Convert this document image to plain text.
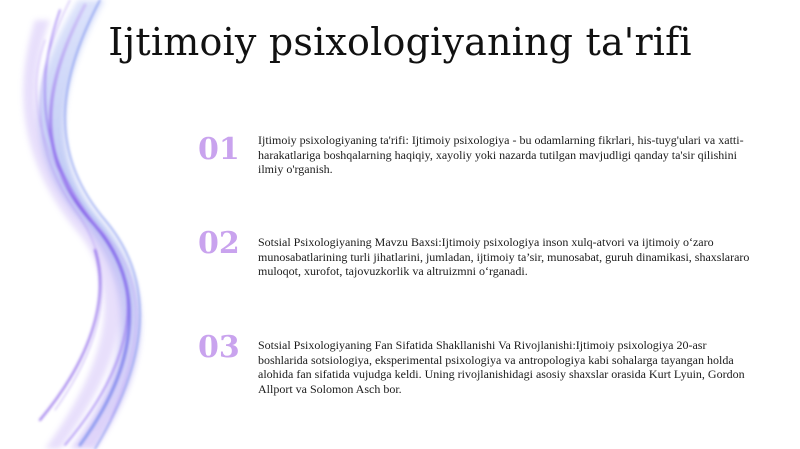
Ijtimoiy psixologiyaning ta'rifi
01	Ijtimoiy psixologiyaning ta'rifi: Ijtimoiy psixologiya - bu odamlarning fikrlari, his-tuyg'ulari va xatti-harakatlariga boshqalarning haqiqiy, xayoliy yoki nazarda tutilgan mavjudligi qanday ta'sir qilishini ilmiy o'rganish.

02	Sotsial Psixologiyaning Mavzu Baxsi:Ijtimoiy psixologiya inson xulq-atvori va ijtimoiy o‘zaro munosabatlarining turli jihatlarini, jumladan, ijtimoiy ta’sir, munosabat, guruh dinamikasi, shaxslararo muloqot, xurofot, tajovuzkorlik va altruizmni o‘rganadi.

03	Sotsial Psixologiyaning Fan Sifatida Shakllanishi Va Rivojlanishi:Ijtimoiy psixologiya 20-asr boshlarida sotsiologiya, eksperimental psixologiya va antropologiya kabi sohalarga tayangan holda alohida fan sifatida vujudga keldi. Uning rivojlanishidagi asosiy shaxslar orasida Kurt Lyuin, Gordon Allport va Solomon Asch bor.
